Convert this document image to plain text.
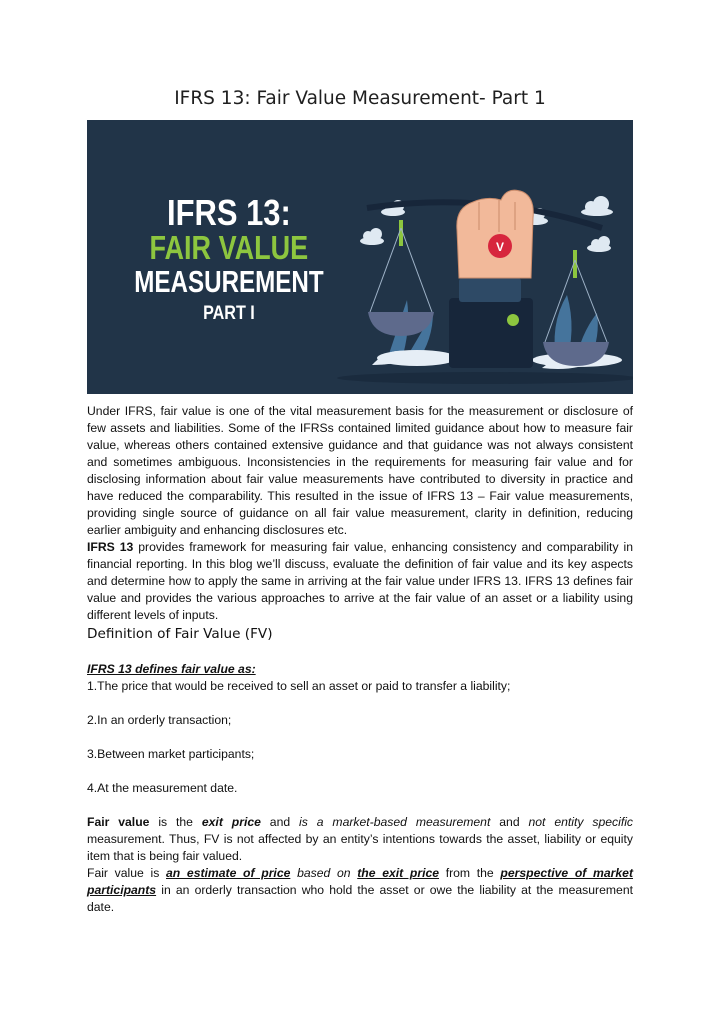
IFRS 13: Fair Value Measurement- Part 1
IFRS 13:
FAIR VALUE
MEASUREMENT
PART I
V

Under IFRS, fair value is one of the vital measurement basis for the measurement or disclosure of few assets and liabilities. Some of the IFRSs contained limited guidance about how to measure fair value, whereas others contained extensive guidance and that guidance was not always consistent and sometimes ambiguous. Inconsistencies in the requirements for measuring fair value and for disclosing information about fair value measurements have contributed to diversity in practice and have reduced the comparability. This resulted in the issue of IFRS 13 – Fair value measurements, providing single source of guidance on all fair value measurement, clarity in definition, reducing earlier ambiguity and enhancing disclosures etc.

IFRS 13 provides framework for measuring fair value, enhancing consistency and comparability in financial reporting. In this blog we’ll discuss, evaluate the definition of fair value and its key aspects and determine how to apply the same in arriving at the fair value under IFRS 13. IFRS 13 defines fair value and provides the various approaches to arrive at the fair value of an asset or a liability using different levels of inputs.

Definition of Fair Value (FV)

IFRS 13 defines fair value as:

1.The price that would be received to sell an asset or paid to transfer a liability;

2.In an orderly transaction;

3.Between market participants;

4.At the measurement date.

Fair value is the exit price and is a market-based measurement and not entity specific measurement. Thus, FV is not affected by an entity’s intentions towards the asset, liability or equity item that is being fair valued.

Fair value is an estimate of price based on the exit price from the perspective of market participants in an orderly transaction who hold the asset or owe the liability at the measurement date.
